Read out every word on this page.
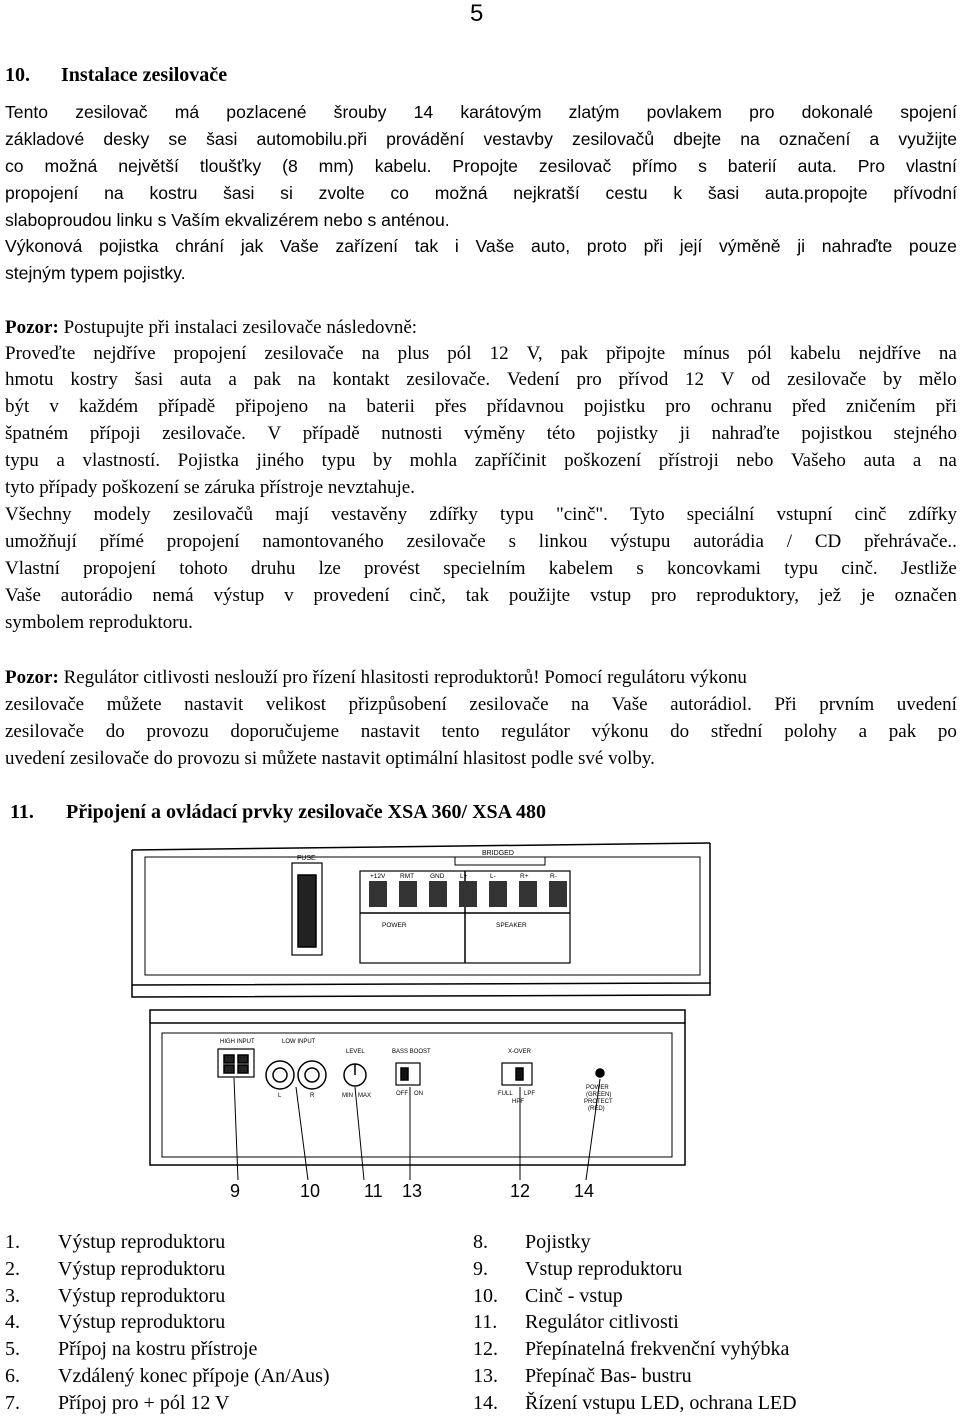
5
10. Instalace zesilovače
Tento zesilovač má pozlacené šrouby 14 karátovým zlatým povlakem pro dokonalé spojení
základové desky se šasi automobilu.při provádění vestavby zesilovačů dbejte na označení a využijte
co možná největší tloušťky (8 mm) kabelu. Propojte zesilovač přímo s baterií auta. Pro vlastní
propojení na kostru šasi si zvolte co možná nejkratší cestu k šasi auta.propojte přívodní
slaboproudou linku s Vaším ekvalizérem nebo s anténou.
Výkonová pojistka chrání jak Vaše zařízení tak i Vaše auto, proto při její výměně ji nahraďte pouze
stejným typem pojistky.
Pozor: Postupujte při instalaci zesilovače následovně:
Proveďte nejdříve propojení zesilovače na plus pól 12 V, pak připojte mínus pól kabelu nejdříve na
hmotu kostry šasi auta a pak na kontakt zesilovače. Vedení pro přívod 12 V od zesilovače by mělo
být v každém případě připojeno na baterii přes přídavnou pojistku pro ochranu před zničením při
špatném přípoji zesilovače. V případě nutnosti výměny této pojistky ji nahraďte pojistkou stejného
typu a vlastností. Pojistka jiného typu by mohla zapříčinit poškození přístroji nebo Vašeho auta a na
tyto případy poškození se záruka přístroje nevztahuje.
Všechny modely zesilovačů mají vestavěny zdířky typu "cinč". Tyto speciální vstupní cinč zdířky
umožňují přímé propojení namontovaného zesilovače s linkou výstupu autorádia / CD přehrávače..
Vlastní propojení tohoto druhu lze provést specielním kabelem s koncovkami typu cinč. Jestliže
Vaše autorádio nemá výstup v provedení cinč, tak použijte vstup pro reproduktory, jež je označen
symbolem reproduktoru.
Pozor: Regulátor citlivosti neslouží pro řízení hlasitosti reproduktorů! Pomocí regulátoru výkonu
zesilovače můžete nastavit velikost přizpůsobení zesilovače na Vaše autorádiol. Při prvním uvedení
zesilovače do provozu doporučujeme nastavit tento regulátor výkonu do střední polohy a pak po
uvedení zesilovače do provozu si můžete nastavit optimální hlasitost podle své volby.
11. Připojení a ovládací prvky zesilovače XSA 360/ XSA 480
FUSE
BRIDGED
+12V RMT GND L+	L-	R+	R-
POWER	SPEAKER
HIGH INPUT	LOW INPUT
L	R
LEVEL
MIN MAX
BASS BOOST
OFF ON
X-OVER
FULL LPF
HPF
POWER
(GREEN)
PROTECT
(RED)
9	10 11 13	12 14
1. Výstup reproduktoru
2. Výstup reproduktoru
3. Výstup reproduktoru
4. Výstup reproduktoru
5. Přípoj na kostru přístroje
6. Vzdálený konec přípoje (An/Aus)
7. Přípoj pro + pól 12 V
8. Pojistky
9. Vstup reproduktoru
10. Cinč - vstup
11. Regulátor citlivosti
12. Přepínatelná frekvenční vyhýbka
13. Přepínač Bas- bustru
14. Řízení vstupu LED, ochrana LED
